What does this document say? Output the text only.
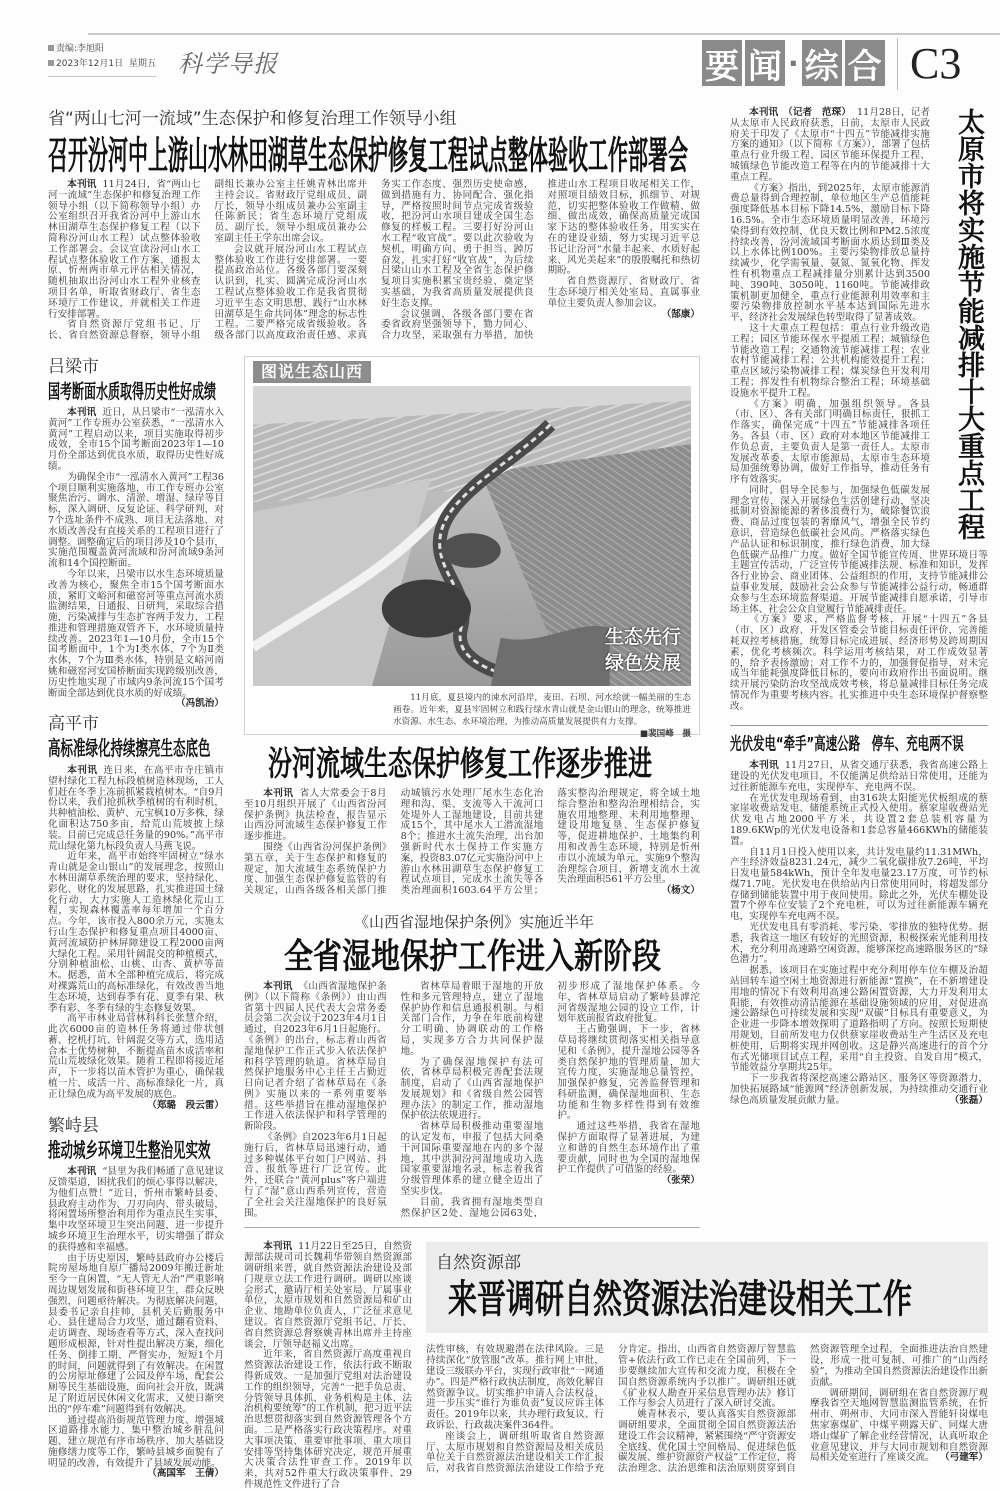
责编:李旭阳
2023年12月1日 星期五 科学导报	要 闻 · 综 合 C3
省“两山七河一流域”生态保护和修复治理工作领导小组
召开汾河中上游山水林田湖草生态保护修复工程试点整体验收工作部署会

本刊讯 11月24日，省“两山七河一流域”生态保护和修复治理工作领导小组（以下简称领导小组）办公室组织召开我省汾河中上游山水林田湖草生态保护修复工程（以下简称汾河山水工程）试点整体验收工作部署会。会议宣读汾河山水工程试点整体验收工作方案，通报太原、忻州两市单元评估相关情况，随机抽取出汾河山水工程外业核查项目名单，听取省财政厅、省生态环境厅工作建议，并就相关工作进行安排部署。

省自然资源厅党组书记、厅长、省自然资源总督察，领导小组副组长兼办公室主任姚青林出席并主持会议。省财政厅党组成员、副厅长，领导小组成员兼办公室副主任陈新民；省生态环境厅党组成员、副厅长，领导小组成员兼办公室副主任王学东出席会议。

会议就开展汾河山水工程试点整体验收工作进行安排部署。一要提高政治站位。各级各部门要深刻认识到，扎实、圆满完成汾河山水工程试点整体验收工作是我省贯彻习近平生态文明思想、践行“山水林田湖草是生命共同体”理念的标志性工程。二要严格完成省级验收。各级各部门以高度政治责任感、求真务实工作态度、强烈历史使命感，做到措施有力、协同配合、强化指导，严格按照时间节点完成省级验收，把汾河山水项目建成全国生态修复的样板工程。三要打好汾河山水工程“收官战”。要以此次验收为契机，明确方向、勇于担当、踔厉奋发，扎实打好“收官战”，为后续吕梁山山水工程及全省生态保护修复项目实施积累宝贵经验、奠定坚实基础，为我省高质量发展提供良好生态支撑。

会议强调，各级各部门要在省委省政府坚强领导下，勠力同心、合力攻坚，采取强有力举措，加快推进山水工程项目收尾相关工作，对照项目绩效目标，抓细节、对规范，切实把整体验收工作做精、做细、做出成效，确保高质量完成国家下达的整体验收任务，用实实在在的建设业绩，努力实现习近平总书记让汾河“水量丰起来、水质好起来、风光美起来”的殷殷嘱托和热切期盼。

省自然资源厅、省财政厅、省生态环境厅相关处室局、直属事业单位主要负责人参加会议。
（郜康）	太原市将实施节能减排十大重点工程

本刊讯　（记者　范琛） 11月28日，记者从太原市人民政府获悉，日前，太原市人民政府关于印发了《太原市“十四五”节能减排实施方案的通知》（以下简称《方案》），部署了包括重点行业升级工程、园区节能环保提升工程、城镇绿色节能改造工程等在内的节能减排十大重点工程。

《方案》指出，到2025年，太原市能源消费总量得到合理控制，单位地区生产总值能耗强度降低基本目标下降14.5%，激励目标下降16.5%。全市生态环境质量明显改善，环境污染得到有效控制，优良天数比例和PM2.5浓度持续改善，汾河流域国考断面水质达到Ⅲ类及以上水体比例100%。主要污染物排放总量持续减少，化学需氧量、氨氮、氮氧化物、挥发性有机物重点工程减排量分别累计达到3500吨、390吨、3050吨、1160吨。节能减排政策机制更加健全，重点行业能源利用效率和主要污染物排放控制水平基本达到国际先进水平，经济社会发展绿色转型取得了显著成效。

这十大重点工程包括：重点行业升级改造工程；园区节能环保水平提质工程；城镇绿色节能改造工程；交通物流节能减排工程；农业农村节能减排工程；公共机构能效提升工程；重点区域污染物减排工程；煤炭绿色开发利用工程；挥发性有机物综合整治工程；环境基础设施水平提升工程。

《方案》明确，加强组织领导。各县（市、区）、各有关部门明确目标责任，狠抓工作落实，确保完成“十四五”节能减排各项任务。各县（市、区）政府对本地区节能减排工作负总责，主要负责人是第一责任人。太原市发展改革委、太原市能源局、太原市生态环境局加强统筹协调，做好工作指导，推动任务有序有效落实。

同时，倡导全民参与，加强绿色低碳发展理念宣传，深入开展绿色生活创建行动，坚决抵制对资源能源的奢侈浪费行为，破除餐饮浪费、商品过度包装的奢靡风气，增强全民节约意识，营造绿色低碳社会风尚。严格落实绿色产品认证和标识制度，推行绿色消费，加大绿色低碳产品推广力度。做好全国节能宣传周、世界环境日等主题宣传活动，广泛宣传节能减排法规、标准和知识，发挥各行业协会、商业团体、公益组织的作用，支持节能减排公益事业发展，鼓励社会公众参与节能减排公益行动，畅通群众参与生态环境监督渠道。开展节能减排自愿承诺，引导市场主体、社会公众自觉履行节能减排责任。

《方案》要求，严格监督考核，开展“十四五”各县（市、区）政府、开发区管委会节能目标责任评价，完善能耗双控考核措施，统筹目标完成进展、经济形势及跨周期因素，优化考核频次。科学运用考核结果，对工作成效显著的，给予表扬激励；对工作不力的，加强督促指导，对未完成当年能耗强度降低目标的，要向市政府作出书面说明。继续开展污染防治攻坚战成效考核，将总量减排目标任务完成情况作为重要考核内容。扎实推进中央生态环境保护督察整改。

光伏发电“牵手”高速公路　停车、充电两不误

本刊讯 11月27日，从省交通厅获悉，我省高速公路上建设的光伏发电项目，不仅能满足供给站日常使用，还能为过往新能源车充电，实现停车、充电两不误。

在光伏发电现场看到，由316块太阳能光伏板组成的蔡家崖收费站发电、储能系统正式投入使用。蔡家崖收费站光伏发电占地2000平方米，共设置2套总装机容量为189.6KWp的光伏发电设备和1套总容量466KWh的储能装置。

自11月1日投入使用以来，共计发电量约11.31MWh，产生经济效益8231.24元，减少二氧化碳排放7.26吨，平均日发电量584kWh，预计全年发电量23.17万度，可节约标煤71.7吨。光伏发电在供给站内日常使用同时，将超发部分存储到储能装置中用于夜间使用。除此之外，光伏车棚处设置7个停车位安装了2个充电桩，可以为过往新能源车辆充电，实现停车充电两不误。

光伏发电具有零消耗、零污染、零排放的独特优势。据悉，我省这一地区有较好的光照资源，积极探索光能利用技术，充分利用高速路空闲资源，能够深挖高速路服务区的“绿色潜力”。

据悉，该项目在实施过程中充分利用停车位车棚及治超站回转车道空闲土地资源进行新能源“置换”，在不新增建设用地的情况下有效利用高速公路闲置资源，大力开发利用太阳能，有效推动清洁能源在基础设施领域的应用，对促进高速公路绿色可持续发展和实现“双碳”目标具有重要意义，为企业进一步降本增效探明了道路指明了方向。按照长短期使用规划，目前所发电力仅供蔡家崖收费站生产生活区及充电桩使用，后期将实现并网创收。这是静兴高速进行的首个分布式光储项目试点工程，采用“自主投资、自发自用”模式，节能效益分享期共25年。

下一步我省将深挖高速公路站区、服务区等资源潜力，加快拓展路域“能源网”经济创新发展，为持续推动交通行业绿色高质量发展贡献力量。	（张磊）

吕梁市
国考断面水质取得历史性好成绩

本刊讯 近日，从吕梁市“一泓清水入黄河”工作专班办公室获悉，“一泓清水入黄河”工程启动以来，项目实施取得初步成效，全市15个国考断面2023年1—10月份全部达到优良水质，取得历史性好成绩。

为确保全市“一泓清水入黄河”工程36个项目顺利实施落地，市工作专班办公室聚焦治污、调水、清淤、增湿、绿岸等目标，深入调研、反复论证、科学研判，对7个选址条件不成熟、项目无法落地、对水质改善没有直接关系的工程项目进行了调整。调整确定后的项目涉及10个县市，实施范围覆盖黄河流域和汾河流域9条河流和14个国控断面。

今年以来，吕梁市以水生态环境质量改善为核心，聚焦全市15个国考断面水质，紧盯文峪河和磁窑河等重点河流水质监测结果，日通报、日研判，采取综合措施，污染减排与生态扩容两手发力，工程推进和管理措施双管齐下，水环境质量持续改善。2023年1—10月份，全市15个国考断面中，1个为Ⅰ类水体，7个为Ⅱ类水体，7个为Ⅲ类水体，特别是文峪河南姚和磁窑河安国桥断面实现跨级别改善，历史性地实现了市域内9条河流15个国考断面全部达到优良水质的好成绩。
（冯凯治）

高平市
高标准绿化持续擦亮生态底色

本刊讯 连日来，在高平市寺庄镇市望村绿化工程九标段植树造林现场，工人们赶在冬季上冻前抓紧栽植树木。“自9月份以来，我们抢抓秋季植树的有利时机，共种植油松、黄栌、元宝枫10万多株，绿化面积达750多亩，给荒山荒坡披上绿装。目前已完成总任务量的90%。”高平市荒山绿化第九标段负责人马燕飞说。

近年来，高平市始终牢固树立“绿水青山就是金山银山”的发展理念，按照山水林田湖草系统治理的要求，坚持绿化、彩化、财化的发展思路，扎实推进国土绿化行动，大力实施人工造林绿化荒山工程，实现森林覆盖率每年增加一个百分点。今年，该市投入800余万元，实施太行山生态保护和修复重点项目4000亩、黄河流域防护林屏障建设工程2000亩两大绿化工程。采用针阔混交的种植模式，分别种植油松、山桃、山杏、黄栌等苗木。据悉，苗木全部种植完成后，将完成对裸露荒山的高标准绿化，有效改善当地生态环境，达到春季有花、夏季有果、秋季有彩、冬季有绿的生态修复效果。

高平市林业局营林科科长张慧介绍，此次6000亩的造林任务将通过带状刨蓄、挖机打坑、针阔混交等方式，选用适合本土优势树种，不断提高苗木成活率和荒山荒坡绿化效果。随着工程即将接近尾声，下一步将以苗木管护为重心，确保栽植一片、成活一片、高标准绿化一片，真正让绿色成为高平发展的底色。
（郑璐　段云雷）

繁峙县
推动城乡环境卫生整治见实效

本刊讯 “县里为我们畅通了意见建议反馈渠道，困扰我们的烦心事得以解决，为他们点赞！”近日，忻州市繁峙县委、县政府主动作为、刀刃向内、带头破局，将闲置场所整治利用作为重点民生实事，集中攻坚环境卫生突出问题，进一步提升城乡环境卫生治理水平，切实增强了群众的获得感和幸福感。

由于历史原因，繁峙县政府办公楼后院房屋场地自原广播局2009年搬迁新址至今一直闲置，“无人管无人治”严重影响周边规划发展和街巷环境卫生，群众反映强烈，问题亟待解决。为彻底解决问题，县委书记亲自挂帅，县机关后勤服务中心、县住建局合力攻坚，通过翻看资料、走访调查、现场查看等方式，深入查找问题形成根源，针对性提出解决方案，细化任务、倒排工期、严督实办，短短1个月的时间，问题就得到了有效解决。在闲置的公房原址修建了公园及停车场，配套公厕等民生基础设施，面向社会开放，既满足了附近居民休闲文化需求，又使日渐突出的“停车难”问题得到有效解决。

通过提高沿街规范管理力度、增强城区道路排水能力、集中整治城乡脏乱问题、建立规范有序市场秩序、加大基础设施修缮力度等工作，繁峙县城乡面貌有了明显的改善，有效提升了县域发展动能。
（高国军　王倩）

图说生态山西
生态先行
绿色发展

11月底，夏县境内的涑水河沿岸，麦田、石坝、河水绘就一幅美丽的生态画卷。近年来，夏县牢固树立和践行绿水青山就是金山银山的理念，统筹推进水资源、水生态、水环境治理，为推动高质量发展提供有力支撑。
■裴国峰　摄

汾河流域生态保护修复工作逐步推进

本刊讯 省人大常委会于8月至10月组织开展了《山西省汾河保护条例》执法检查，报告显示山西汾河流域生态保护修复工作逐步推进。

围绕《山西省汾河保护条例》第五章，关于生态保护和修复的规定，加大流域生态系统保护力度、加强生态保护修复监管的有关规定，山西各级各相关部门推动城镇污水处理厂尾水生态化治理和沟、渠、支流等入干流河口处堤外人工湿地建设，目前共建成15个，其中尾水人工潜流湿地8个；推进水土流失治理，出台加强新时代水土保持工作实施方案，投资83.07亿元实施汾河中上游山水林田湖草生态保护修复工程试点项目，完成水土流失等各类治理面积1603.64平方公里；落实整沟治理规定，将全域土地综合整治和整沟治理相结合，实施农用地整理、未利用地整理、建设用地复垦、生态保护修复等，促进耕地保护、土地集约利用和改善生态环境，特别是忻州市以小流域为单元，实施9个整沟治理综合项目，新增支流水土流失治理面积561平方公里。
（杨文）

《山西省湿地保护条例》实施近半年
全省湿地保护工作进入新阶段

本刊讯 《山西省湿地保护条例》（以下简称《条例》）由山西省第十四届人民代表大会常务委员会第二次会议于2023年4月1日通过，自2023年6月1日起施行。《条例》的出台，标志着山西省湿地保护工作正式步入依法保护和科学管理的轨道。省林草局自然保护地服务中心主任王占勤近日向记者介绍了省林草局在《条例》实施以来的一系列重要举措。这些举措旨在推动湿地保护工作进入依法保护和科学管理的新阶段。

《条例》自2023年6月1日起施行后，省林草局迅速行动，通过多种媒体平台如门户网站、抖音、报纸等进行广泛宣传。此外，还联合“黄河plus”客户端进行了“湿”意山西系列宣传，营造了全社会关注湿地保护的良好氛围。

省林草局着眼于湿地的开放性和多元管理特点，建立了湿地保护协作和信息通报机制。与相关部门合作，力争在年底前构建分工明确、协调联动的工作格局，实现多方合力共同保护湿地。

为了确保湿地保护有法可依，省林草局积极完善配套法规制度，启动了《山西省湿地保护发展规划》和《省级自然公园管理办法》的制定工作，推动湿地保护依法依规进行。

省林草局积极推动重要湿地的认定发布，申报了包括大同桑干河国际重要湿地在内的多个湿地，其中洪洞汾河湿地成功入选国家重要湿地名录，标志着我省分级管理体系的建立健全迈出了坚实步伐。

目前，我省拥有湿地类型自然保护区2处、湿地公园63处，初步形成了湿地保护体系。今年，省林草局启动了繁峙县滹沱河省级湿地公园的设立工作，计划年底前报省政府批复。

王占勤强调，下一步，省林草局将继续贯彻落实相关指导意见和《条例》，提升湿地公园等各类自然保护地的管理质量，加大宣传力度，实施湿地总量管控，加强保护修复，完善监督管理和科研监测，确保湿地面积、生态功能和生物多样性得到有效维护。

通过这些举措，我省在湿地保护方面取得了显著进展，为建立和谐的自然生态环境作出了重要贡献，同时也为全国的湿地保护工作提供了可借鉴的经验。
（张荣）

本刊讯 11月22日至25日，自然资源部法规司司长魏莉华带领自然资源部调研组来晋，就自然资源法治建设及部门规章立法工作进行调研。调研以座谈会形式，邀请厅相关处室局、厅属事业单位，太原市规划和自然资源局和矿山企业、地勘单位负责人，广泛征求意见建议。省自然资源厅党组书记、厅长、省自然资源总督察姚青林出席并主持座谈会，厅领导赵福义出席。

近年来，省自然资源厅高度重视自然资源法治建设工作，依法行政不断取得新成效。一是加强厅党组对法治建设工作的组织领导，完善“一把手负总责、分管领导具体抓、业务机构是主体、法治机构要统筹”的工作机制，把习近平法治思想贯彻落实到自然资源管理各个方面。二是严格落实行政决策程序。对重大事项决策、重要审批事项、重大项目安排等坚持集体研究决定，规范开展重大决策合法性审查工作。2019年以来，共对52件重大行政决策事件、29件规范性文件进行了合

自然资源部
来晋调研自然资源法治建设相关工作

法性审核，有效规避潜在法律风险。三是持续深化“放管服”改革。推行网上审批，建设三级联办平台，实现行政审批“一网通办”。四是严格行政执法制度，高效化解自然资源争议。切实维护申请人合法权益，进一步压实“谁行为谁负责”复议应诉主体责任。2019年以来，共办理行政复议、行政诉讼、行政裁决案件364件。

座谈会上，调研组听取省自然资源厅、太原市规划和自然资源局及相关成员单位关于自然资源法治建设相关工作汇报后，对我省自然资源法治建设工作给予充分肯定。指出，山西省自然资源厅智慧监管+依法行政工作已走在全国前列，下一步要继续加大宣传和交流力度，积极在全国自然资源系统内予以推广。调研组还就《矿业权人勘查开采信息管理办法》修订工作与参会人员进行了深入研讨交流。

姚青林表示，要认真落实自然资源部调研组要求，全面贯彻全国自然资源法治建设工作会议精神，紧紧围绕“严守资源安全底线、优化国土空间格局、促进绿色低碳发展、维护资源资产权益”工作定位，将法治理念、法治思维和法治原则贯穿到自然资源管理全过程，全面推进法治自然建设，形成一批可复制、可推广的“山西经验”，为推动全国自然资源法治建设作出新贡献。

调研期间，调研组在省自然资源厅观摩我省空天地网智慧监测监管系统，在忻州市、朔州市、大同市深入晋能轩岗煤电焦家寨煤矿、中煤平朔露天矿、同煤大唐塔山煤矿了解企业经营情况，认真听取企业意见建议，并与大同市规划和自然资源局相关处室进行了座谈交流。 （弓建军）
